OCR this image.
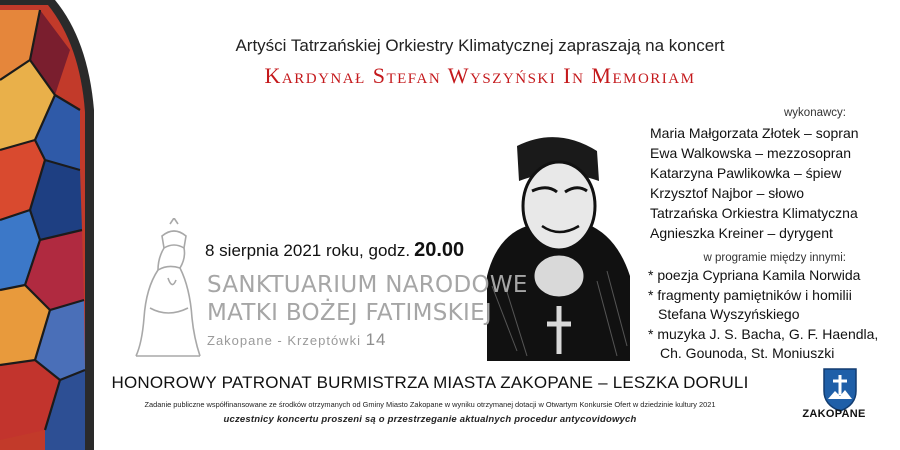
Artyści Tatrzańskiej Orkiestry Klimatycznej zapraszają na koncert
Kardynał Stefan Wyszyński In Memoriam
wykonawcy:
Maria Małgorzata Złotek – sopran
Ewa Walkowska – mezzosopran
Katarzyna Pawlikowka – śpiew
Krzysztof Najbor – słowo
Tatrzańska Orkiestra Klimatyczna
Agnieszka Kreiner – dyrygent
w programie między innymi:
* poezja Cypriana Kamila Norwida
* fragmenty pamiętników i homilii
Stefana Wyszyńskiego
* muzyka J. S. Bacha, G. F. Haendla,
Ch. Gounoda, St. Moniuszki
8 sierpnia 2021 roku, godz. 20.00
SANKTUARIUM NARODOWE
MATKI BOŻEJ FATIMSKIEJ
Zakopane - Krzeptówki 14
HONOROWY PATRONAT BURMISTRZA MIASTA ZAKOPANE – LESZKA DORULI
Zadanie publiczne współfinansowane ze środków otrzymanych od Gminy Miasto Zakopane w wyniku otrzymanej dotacji w Otwartym Konkursie Ofert w dziedzinie kultury 2021
uczestnicy koncertu proszeni są o przestrzeganie aktualnych procedur antycovidowych	ZAKOPANE
